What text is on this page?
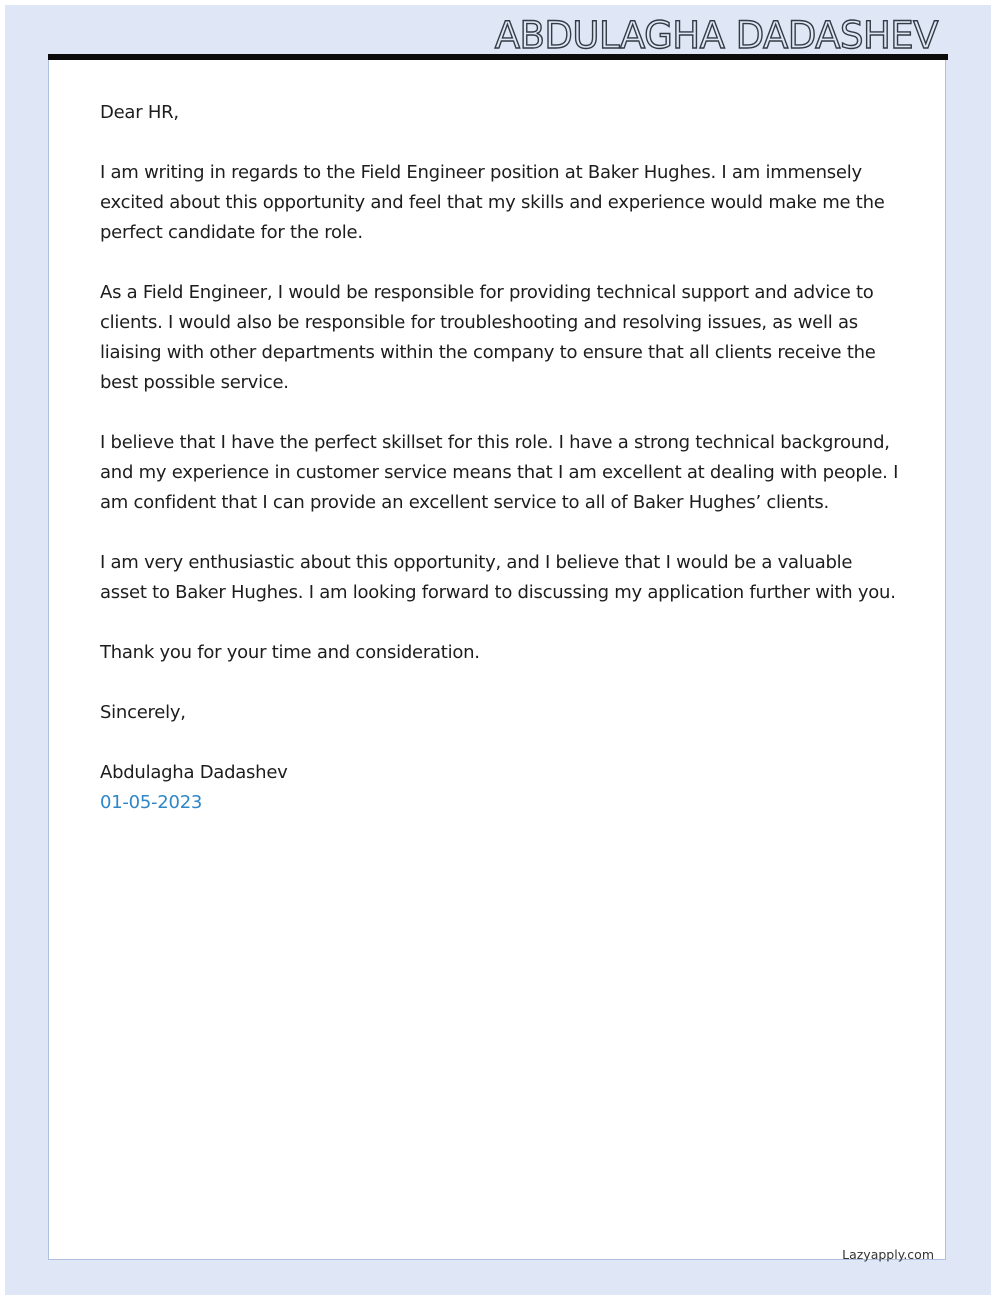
ABDULAGHA DADASHEV

Dear HR,

I am writing in regards to the Field Engineer position at Baker Hughes. I am immensely excited about this opportunity and feel that my skills and experience would make me the perfect candidate for the role.

As a Field Engineer, I would be responsible for providing technical support and advice to clients. I would also be responsible for troubleshooting and resolving issues, as well as liaising with other departments within the company to ensure that all clients receive the best possible service.

I believe that I have the perfect skillset for this role. I have a strong technical background, and my experience in customer service means that I am excellent at dealing with people. I am confident that I can provide an excellent service to all of Baker Hughes’ clients.

I am very enthusiastic about this opportunity, and I believe that I would be a valuable asset to Baker Hughes. I am looking forward to discussing my application further with you.

Thank you for your time and consideration.

Sincerely,

Abdulagha Dadashev

01-05-2023

Lazyapply.com
